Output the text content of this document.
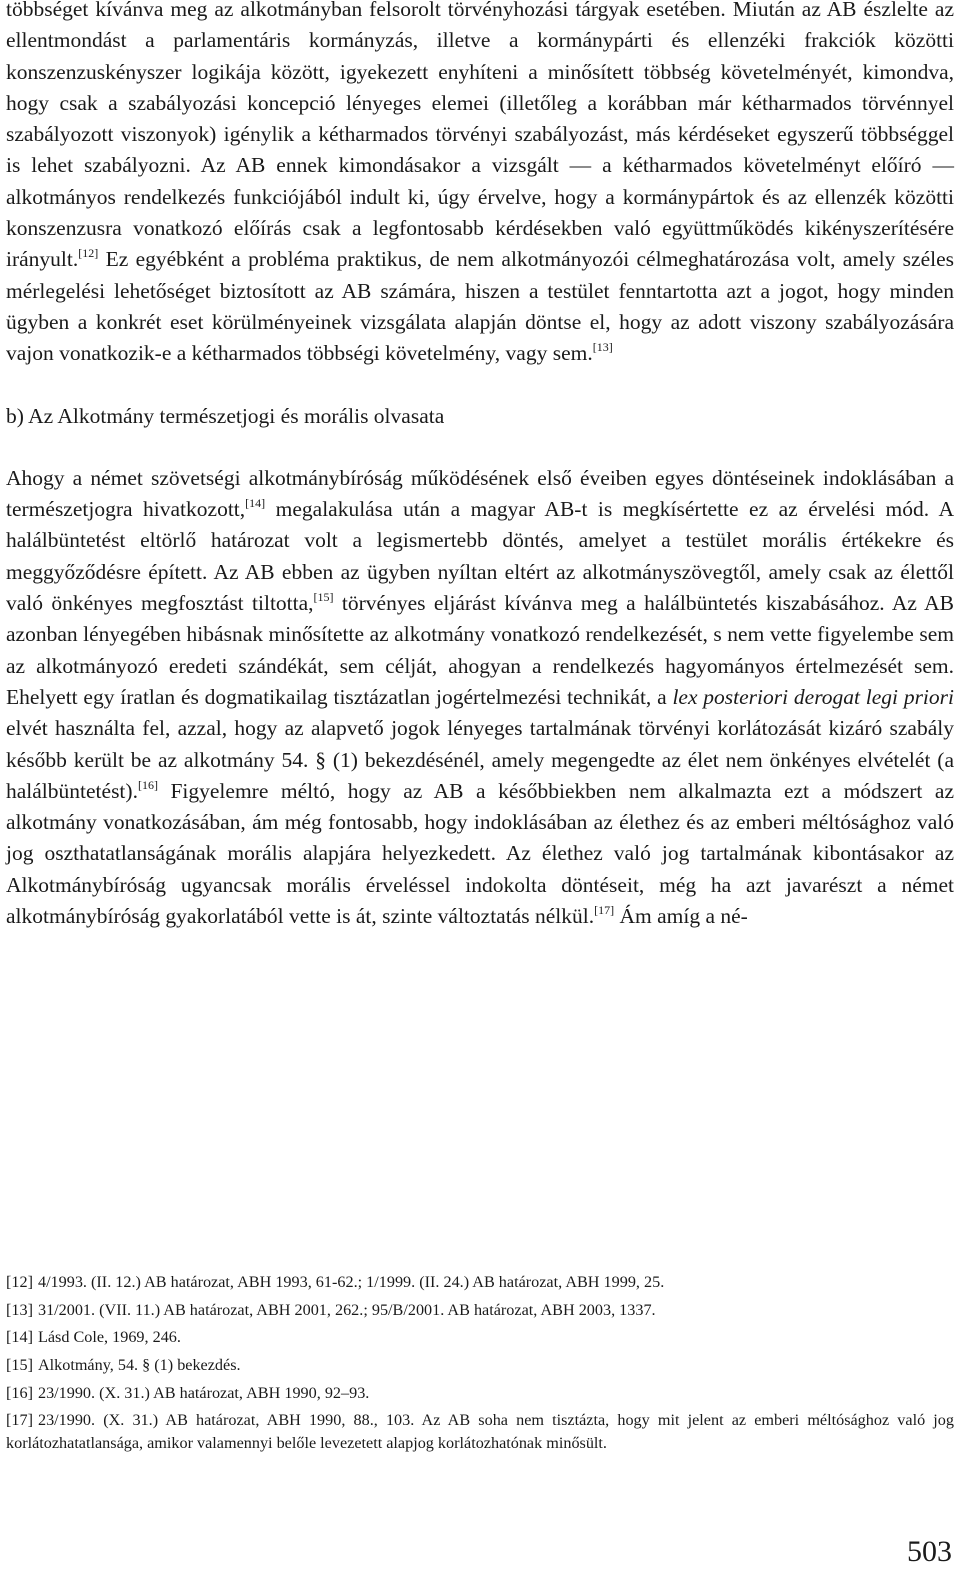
többséget kívánva meg az alkotmányban felsorolt törvényhozási tárgyak esetében. Miután az AB észlelte az ellentmondást a parlamentáris kormányzás, illetve a kormánypárti és ellenzéki frakciók közötti konszenzuskényszer logikája között, igyekezett enyhíteni a minősített többség követelményét, kimondva, hogy csak a szabályozási koncepció lényeges elemei (illetőleg a korábban már kétharmados törvénnyel szabályozott viszonyok) igénylik a kétharmados törvényi szabályozást, más kérdéseket egyszerű többséggel is lehet szabályozni. Az AB ennek kimondásakor a vizsgált — a kétharmados követelményt előíró — alkotmányos rendelkezés funkciójából indult ki, úgy érvelve, hogy a kormánypártok és az ellenzék közötti konszenzusra vonatkozó előírás csak a legfontosabb kérdésekben való együttműködés kikényszerítésére irányult.[12] Ez egyébként a probléma praktikus, de nem alkotmányozói célmeghatározása volt, amely széles mérlegelési lehetőséget biztosított az AB számára, hiszen a testület fenntartotta azt a jogot, hogy minden ügyben a konkrét eset körülményeinek vizsgálata alapján döntse el, hogy az adott viszony szabályozására vajon vonatkozik-e a kétharmados többségi követelmény, vagy sem.[13]

b) Az Alkotmány természetjogi és morális olvasata

Ahogy a német szövetségi alkotmánybíróság működésének első éveiben egyes döntéseinek indoklásában a természetjogra hivatkozott,[14] megalakulása után a magyar AB-t is megkísértette ez az érvelési mód. A halálbüntetést eltörlő határozat volt a legismertebb döntés, amelyet a testület morális értékekre és meggyőződésre épített. Az AB ebben az ügyben nyíltan eltért az alkotmányszövegtől, amely csak az élettől való önkényes megfosztást tiltotta,[15] törvényes eljárást kívánva meg a halálbüntetés kiszabásához. Az AB azonban lényegében hibásnak minősítette az alkotmány vonatkozó rendelkezését, s nem vette figyelembe sem az alkotmányozó eredeti szándékát, sem célját, ahogyan a rendelkezés hagyományos értelmezését sem. Ehelyett egy íratlan és dogmatikailag tisztázatlan jogértelmezési technikát, a lex posteriori derogat legi priori elvét használta fel, azzal, hogy az alapvető jogok lényeges tartalmának törvényi korlátozását kizáró szabály később került be az alkotmány 54. § (1) bekezdésénél, amely megengedte az élet nem önkényes elvételét (a halálbüntetést).[16] Figyelemre méltó, hogy az AB a későbbiekben nem alkalmazta ezt a módszert az alkotmány vonatkozásában, ám még fontosabb, hogy indoklásában az élethez és az emberi méltósághoz való jog oszthatatlanságának morális alapjára helyezkedett. Az élethez való jog tartalmának kibontásakor az Alkotmánybíróság ugyancsak morális érveléssel indokolta döntéseit, még ha azt javarészt a német alkotmánybíróság gyakorlatából vette is át, szinte változtatás nélkül.[17] Ám amíg a né-

[12] 4/1993. (II. 12.) AB határozat, ABH 1993, 61-62.; 1/1999. (II. 24.) AB határozat, ABH 1999, 25.

[13] 31/2001. (VII. 11.) AB határozat, ABH 2001, 262.; 95/B/2001. AB határozat, ABH 2003, 1337.

[14] Lásd Cole, 1969, 246.

[15] Alkotmány, 54. § (1) bekezdés.

[16] 23/1990. (X. 31.) AB határozat, ABH 1990, 92–93.

[17] 23/1990. (X. 31.) AB határozat, ABH 1990, 88., 103. Az AB soha nem tisztázta, hogy mit jelent az emberi méltósághoz való jog korlátozhatatlansága, amikor valamennyi belőle levezetett alapjog korlátozhatónak minősült.

503
